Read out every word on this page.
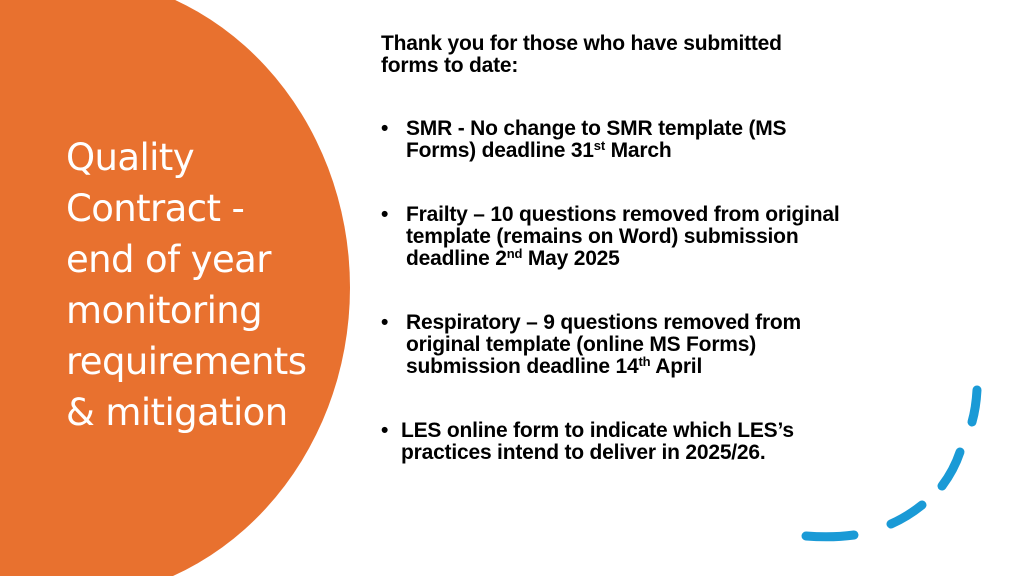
Quality
Contract -
end of year
monitoring
requirements
& mitigation

Thank you for those who have submitted
forms to date:

• SMR - No change to SMR template (MS
Forms) deadline 31st March
• Frailty – 10 questions removed from original
template (remains on Word) submission
deadline 2nd May 2025
• Respiratory – 9 questions removed from
original template (online MS Forms)
submission deadline 14th April
• LES online form to indicate which LES’s
practices intend to deliver in 2025/26.
